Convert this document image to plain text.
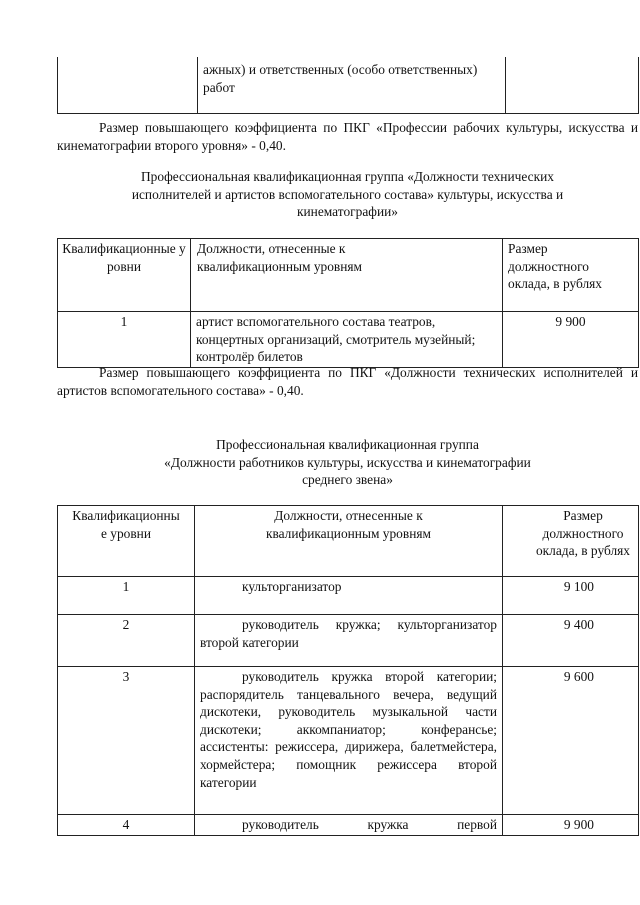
	ажных) и ответственных (особо ответственных) работ	
Размер повышающего коэффициента по ПКГ «Профессии рабочих культуры, искусства и кинематографии второго уровня» - 0,40.
Профессиональная квалификационная группа «Должности технических
исполнителей и артистов вспомогательного состава» культуры, искусства и
кинематографии»
Квалификационные уровни	Должности, отнесенные к квалификационным уровням	Размер должностного оклада, в рублях

1	артист вспомогательного состава театров, концертных организаций, смотритель музейный; контролёр билетов	9 900
Размер повышающего коэффициента по ПКГ «Должности технических исполнителей и артистов вспомогательного состава» - 0,40.
Профессиональная квалификационная группа
«Должности работников культуры, искусства и кинематографии
среднего звена»
Квалификационные уровни	Должности, отнесенные к квалификационным уровням	Размер должностного оклада, в рублях

1	культорганизатор	9 100
2	руководитель кружка; культорганизатор второй категории	9 400
3	руководитель кружка второй категории; распорядитель танцевального вечера, ведущий дискотеки, руководитель музыкальной части дискотеки; аккомпаниатор; конферансье; ассистенты: режиссера, дирижера, балетмейстера, хормейстера; помощник режиссера второй категории	9 600
4	руководитель кружка первой	9 900
